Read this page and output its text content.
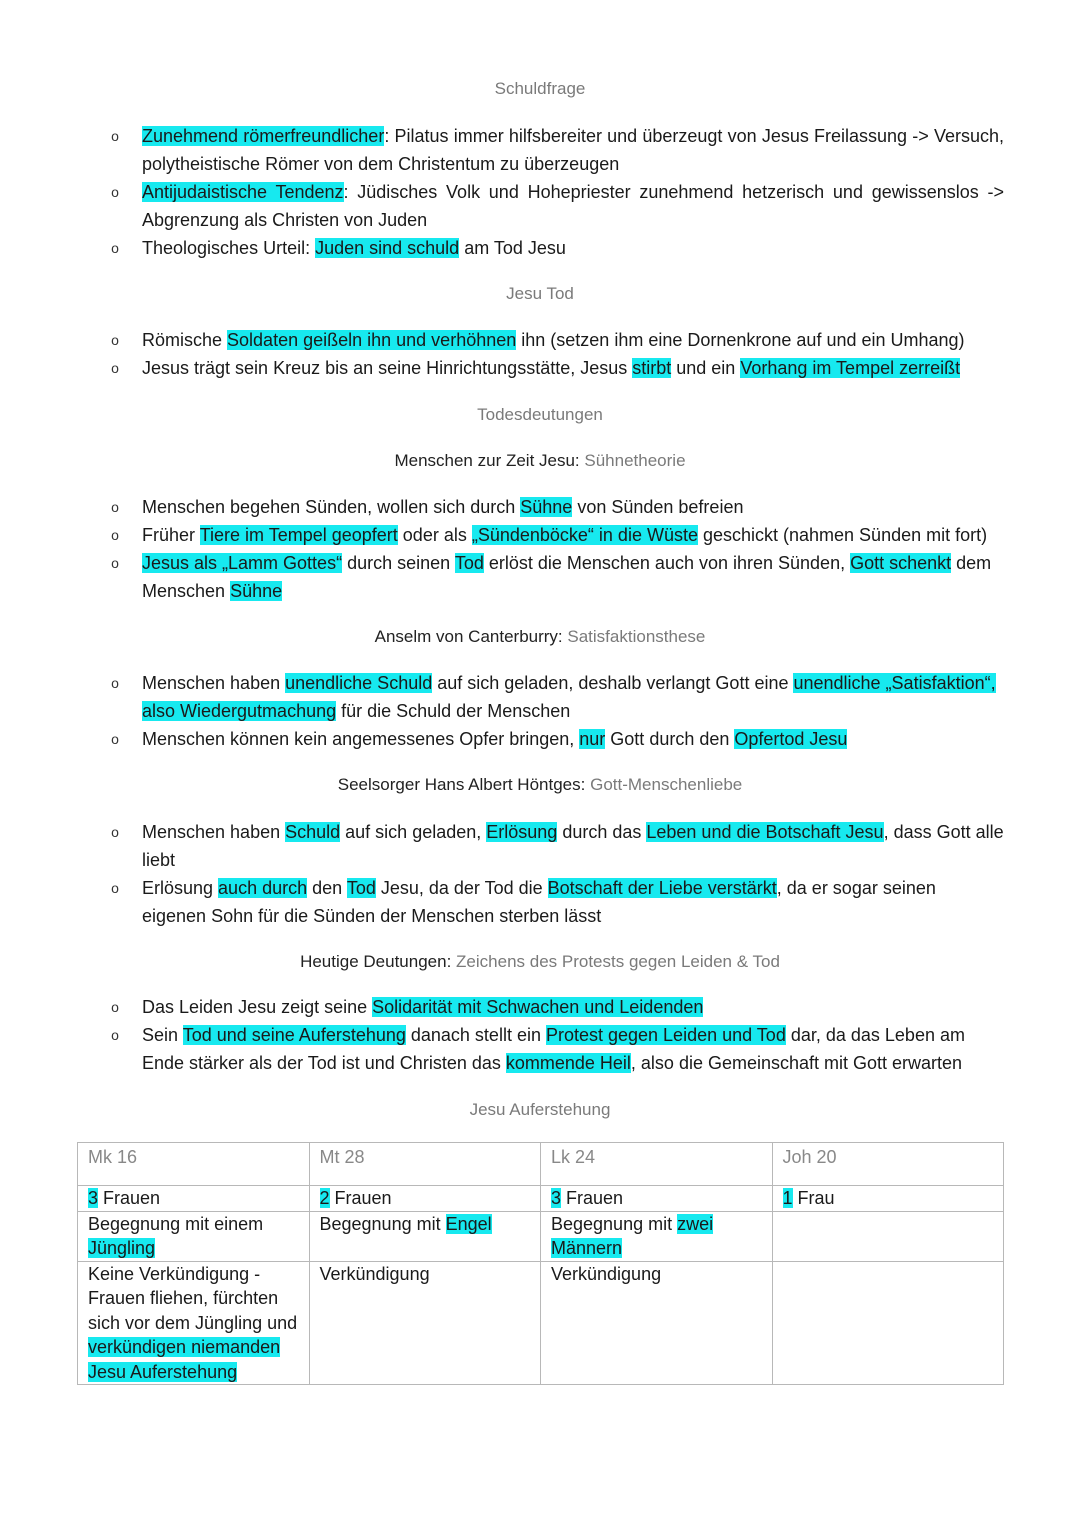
Schuldfrage
o Zunehmend römerfreundlicher: Pilatus immer hilfsbereiter und überzeugt von Jesus Freilassung -> Versuch, polytheistische Römer von dem Christentum zu überzeugen
o Antijudaistische Tendenz: Jüdisches Volk und Hohepriester zunehmend hetzerisch und gewissenslos -> Abgrenzung als Christen von Juden
o Theologisches Urteil: Juden sind schuld am Tod Jesu
Jesu Tod
o Römische Soldaten geißeln ihn und verhöhnen ihn (setzen ihm eine Dornenkrone auf und ein Umhang)
o Jesus trägt sein Kreuz bis an seine Hinrichtungsstätte, Jesus stirbt und ein Vorhang im Tempel zerreißt
Todesdeutungen
Menschen zur Zeit Jesu: Sühnetheorie
o Menschen begehen Sünden, wollen sich durch Sühne von Sünden befreien
o Früher Tiere im Tempel geopfert oder als „Sündenböcke“ in die Wüste geschickt (nahmen Sünden mit fort)
o Jesus als „Lamm Gottes“ durch seinen Tod erlöst die Menschen auch von ihren Sünden, Gott schenkt dem Menschen Sühne
Anselm von Canterburry: Satisfaktionsthese
o Menschen haben unendliche Schuld auf sich geladen, deshalb verlangt Gott eine unendliche „Satisfaktion“, also Wiedergutmachung für die Schuld der Menschen
o Menschen können kein angemessenes Opfer bringen, nur Gott durch den Opfertod Jesu
Seelsorger Hans Albert Höntges: Gott-Menschenliebe
o Menschen haben Schuld auf sich geladen, Erlösung durch das Leben und die Botschaft Jesu, dass Gott alle liebt
o Erlösung auch durch den Tod Jesu, da der Tod die Botschaft der Liebe verstärkt, da er sogar seinen eigenen Sohn für die Sünden der Menschen sterben lässt
Heutige Deutungen: Zeichens des Protests gegen Leiden & Tod
o Das Leiden Jesu zeigt seine Solidarität mit Schwachen und Leidenden
o Sein Tod und seine Auferstehung danach stellt ein Protest gegen Leiden und Tod dar, da das Leben am Ende stärker als der Tod ist und Christen das kommende Heil, also die Gemeinschaft mit Gott erwarten
Jesu Auferstehung
Mk 16	Mt 28	Lk 24	Joh 20
3 Frauen	2 Frauen	3 Frauen	1 Frau
Begegnung mit einem Jüngling	Begegnung mit Engel	Begegnung mit zwei Männern	
Keine Verkündigung -Frauen fliehen, fürchten sich vor dem Jüngling und verkündigen niemanden Jesu Auferstehung	Verkündigung	Verkündigung	
